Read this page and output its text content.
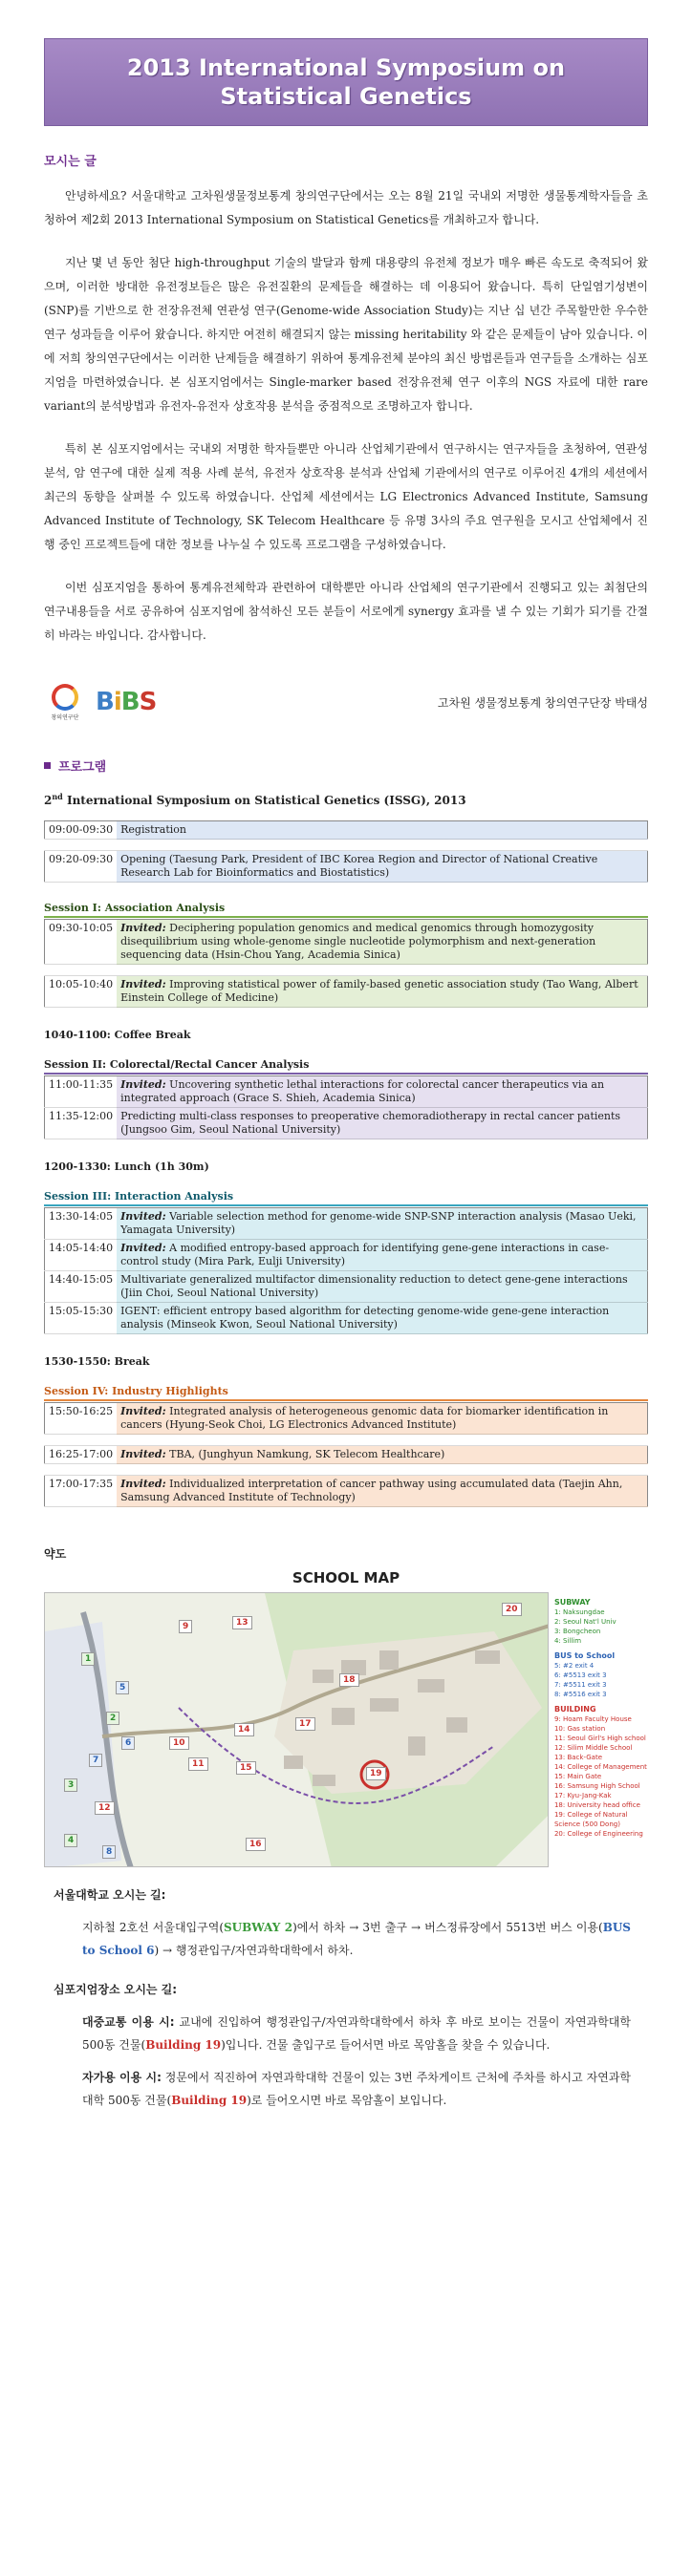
2013 International Symposium on
Statistical Genetics
모시는 글

안녕하세요? 서울대학교 고차원생물정보통계 창의연구단에서는 오는 8월 21일 국내외 저명한 생물통계학자들을 초청하여 제2회 2013 International Symposium on Statistical Genetics를 개최하고자 합니다.

지난 몇 년 동안 첨단 high-throughput 기술의 발달과 함께 대용량의 유전체 정보가 매우 빠른 속도로 축적되어 왔으며, 이러한 방대한 유전정보들은 많은 유전질환의 문제들을 해결하는 데 이용되어 왔습니다. 특히 단일염기성변이(SNP)를 기반으로 한 전장유전체 연관성 연구(Genome-wide Association Study)는 지난 십 년간 주목할만한 우수한 연구 성과들을 이루어 왔습니다. 하지만 여전히 해결되지 않는 missing heritability 와 같은 문제들이 남아 있습니다. 이에 저희 창의연구단에서는 이러한 난제들을 해결하기 위하여 통계유전체 분야의 최신 방법론들과 연구들을 소개하는 심포지엄을 마련하였습니다. 본 심포지엄에서는 Single-marker based 전장유전체 연구 이후의 NGS 자료에 대한 rare variant의 분석방법과 유전자-유전자 상호작용 분석을 중점적으로 조명하고자 합니다.

특히 본 심포지엄에서는 국내외 저명한 학자들뿐만 아니라 산업체기관에서 연구하시는 연구자들을 초청하여, 연관성 분석, 암 연구에 대한 실제 적용 사례 분석, 유전자 상호작용 분석과 산업체 기관에서의 연구로 이루어진 4개의 세션에서 최근의 동향을 살펴볼 수 있도록 하였습니다. 산업체 세션에서는 LG Electronics Advanced Institute, Samsung Advanced Institute of Technology, SK Telecom Healthcare 등 유명 3사의 주요 연구원을 모시고 산업체에서 진행 중인 프로젝트들에 대한 정보를 나누실 수 있도록 프로그램을 구성하였습니다.

이번 심포지엄을 통하여 통계유전체학과 관련하여 대학뿐만 아니라 산업체의 연구기관에서 진행되고 있는 최첨단의 연구내용들을 서로 공유하여 심포지엄에 참석하신 모든 분들이 서로에게 synergy 효과를 낼 수 있는 기회가 되기를 간절히 바라는 바입니다. 감사합니다.

창의연구단
BiBS	고차원 생물정보통계 창의연구단장 박태성
프로그램
2nd International Symposium on Statistical Genetics (ISSG), 2013
09:00-09:30	Registration

09:20-09:30	Opening (Taesung Park, President of IBC Korea Region and Director of National Creative Research Lab for Bioinformatics and Biostatistics)
Session I: Association Analysis
09:30-10:05	Invited: Deciphering population genomics and medical genomics through homozygosity disequilibrium using whole-genome single nucleotide polymorphism and next-generation sequencing data (Hsin-Chou Yang, Academia Sinica)

10:05-10:40	Invited: Improving statistical power of family-based genetic association study (Tao Wang, Albert Einstein College of Medicine)
1040-1100: Coffee Break
Session II: Colorectal/Rectal Cancer Analysis
11:00-11:35	Invited: Uncovering synthetic lethal interactions for colorectal cancer therapeutics via an integrated approach (Grace S. Shieh, Academia Sinica)
11:35-12:00	Predicting multi-class responses to preoperative chemoradiotherapy in rectal cancer patients (Jungsoo Gim, Seoul National University)
1200-1330: Lunch (1h 30m)
Session III: Interaction Analysis
13:30-14:05	Invited: Variable selection method for genome-wide SNP-SNP interaction analysis (Masao Ueki, Yamagata University)
14:05-14:40	Invited: A modified entropy-based approach for identifying gene-gene interactions in case-control study (Mira Park, Eulji University)
14:40-15:05	Multivariate generalized multifactor dimensionality reduction to detect gene-gene interactions (Jiin Choi, Seoul National University)
15:05-15:30	IGENT: efficient entropy based algorithm for detecting genome-wide gene-gene interaction analysis (Minseok Kwon, Seoul National University)
1530-1550: Break
Session IV: Industry Highlights
15:50-16:25	Invited: Integrated analysis of heterogeneous genomic data for biomarker identification in cancers (Hyung-Seok Choi, LG Electronics Advanced Institute)

16:25-17:00	Invited: TBA, (Junghyun Namkung, SK Telecom Healthcare)

17:00-17:35	Invited: Individualized interpretation of cancer pathway using accumulated data (Taejin Ahn, Samsung Advanced Institute of Technology)
약도
SCHOOL MAP
9	13
20
18
14
17
19
10
11	15
12
16
1
2
3
4
5
6
7
8
SUBWAY
1: Naksungdae
2: Seoul Nat'l Univ
3: Bongcheon
4: Sillim
BUS to School
5: #2 exit 4
6: #5513 exit 3
7: #5511 exit 3
8: #5516 exit 3
BUILDING
9: Hoam Faculty House
10: Gas station
11: Seoul Girl's High school
12: Silim Middle School
13: Back-Gate
14: College of Management
15: Main Gate
16: Samsung High School
17: Kyu-Jang-Kak
18: University head office
19: College of Natural Science (500 Dong)
20: College of Engineering
서울대학교 오시는 길:

지하철 2호선 서울대입구역(SUBWAY 2)에서 하차 → 3번 출구 → 버스정류장에서 5513번 버스 이용(BUS to School 6) → 행정관입구/자연과학대학에서 하차.

심포지엄장소 오시는 길:

대중교통 이용 시: 교내에 진입하여 행정관입구/자연과학대학에서 하차 후 바로 보이는 건물이 자연과학대학 500동 건물(Building 19)입니다. 건물 출입구로 들어서면 바로 목암홀을 찾을 수 있습니다.

자가용 이용 시: 정문에서 직진하여 자연과학대학 건물이 있는 3번 주차게이트 근처에 주차를 하시고 자연과학대학 500동 건물(Building 19)로 들어오시면 바로 목암홀이 보입니다.
